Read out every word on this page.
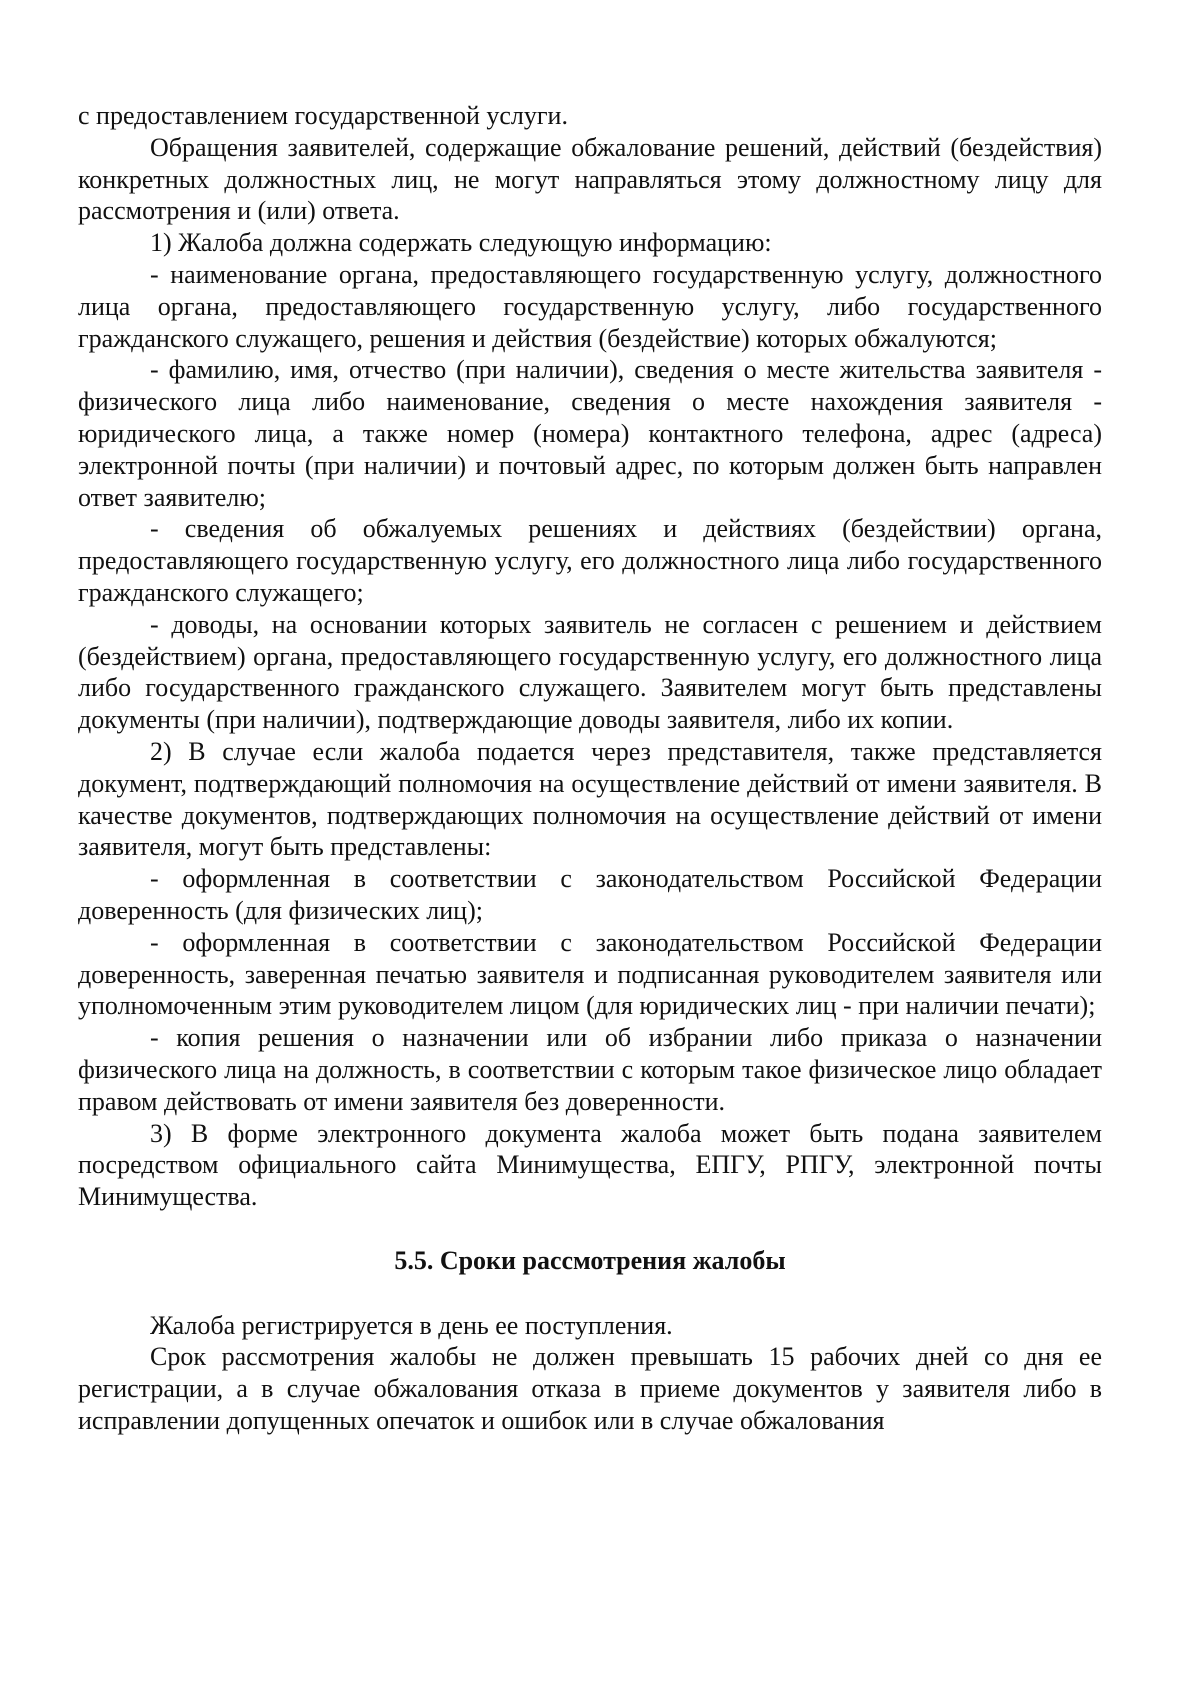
с предоставлением государственной услуги.

Обращения заявителей, содержащие обжалование решений, действий (бездействия) конкретных должностных лиц, не могут направляться этому должностному лицу для рассмотрения и (или) ответа.

1) Жалоба должна содержать следующую информацию:

- наименование органа, предоставляющего государственную услугу, должностного лица органа, предоставляющего государственную услугу, либо государственного гражданского служащего, решения и действия (бездействие) которых обжалуются;

- фамилию, имя, отчество (при наличии), сведения о месте жительства заявителя - физического лица либо наименование, сведения о месте нахождения заявителя - юридического лица, а также номер (номера) контактного телефона, адрес (адреса) электронной почты (при наличии) и почтовый адрес, по которым должен быть направлен ответ заявителю;

- сведения об обжалуемых решениях и действиях (бездействии) органа, предоставляющего государственную услугу, его должностного лица либо государственного гражданского служащего;

- доводы, на основании которых заявитель не согласен с решением и действием (бездействием) органа, предоставляющего государственную услугу, его должностного лица либо государственного гражданского служащего. Заявителем могут быть представлены документы (при наличии), подтверждающие доводы заявителя, либо их копии.

2) В случае если жалоба подается через представителя, также представляется документ, подтверждающий полномочия на осуществление действий от имени заявителя. В качестве документов, подтверждающих полномочия на осуществление действий от имени заявителя, могут быть представлены:

- оформленная в соответствии с законодательством Российской Федерации доверенность (для физических лиц);

- оформленная в соответствии с законодательством Российской Федерации доверенность, заверенная печатью заявителя и подписанная руководителем заявителя или уполномоченным этим руководителем лицом (для юридических лиц - при наличии печати);

- копия решения о назначении или об избрании либо приказа о назначении физического лица на должность, в соответствии с которым такое физическое лицо обладает правом действовать от имени заявителя без доверенности.

3) В форме электронного документа жалоба может быть подана заявителем посредством официального сайта Минимущества, ЕПГУ, РПГУ, электронной почты Минимущества.

5.5. Сроки рассмотрения жалобы

Жалоба регистрируется в день ее поступления.

Срок рассмотрения жалобы не должен превышать 15 рабочих дней со дня ее регистрации, а в случае обжалования отказа в приеме документов у заявителя либо в исправлении допущенных опечаток и ошибок или в случае обжалования
